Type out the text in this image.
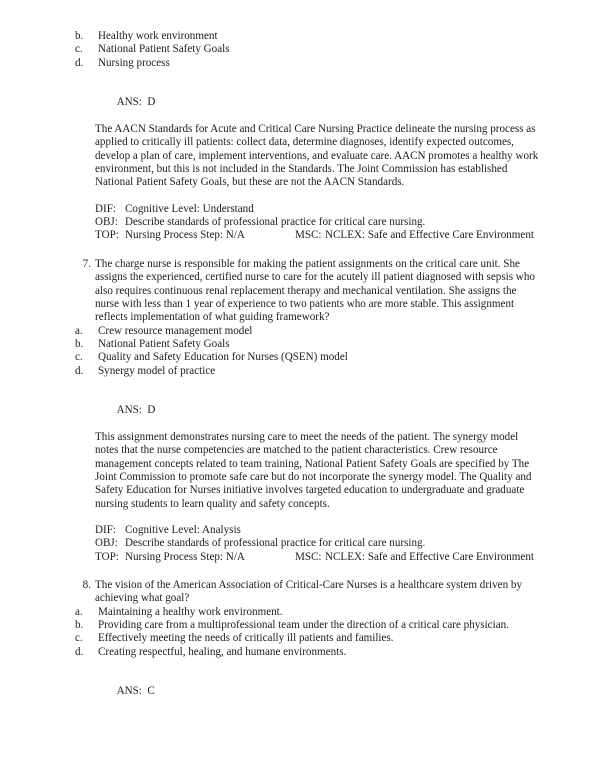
b.	Healthy work environment
c.	National Patient Safety Goals
d.	Nursing process

ANS: D

The AACN Standards for Acute and Critical Care Nursing Practice delineate the nursing process as applied to critically ill patients: collect data, determine diagnoses, identify expected outcomes, develop a plan of care, implement interventions, and evaluate care. AACN promotes a healthy work environment, but this is not included in the Standards. The Joint Commission has established National Patient Safety Goals, but these are not the AACN Standards.
DIF: Cognitive Level: Understand
OBJ: Describe standards of professional practice for critical care nursing.
TOP: Nursing Process Step: N/A	MSC: NCLEX: Safe and Effective Care Environment
7. The charge nurse is responsible for making the patient assignments on the critical care unit. She assigns the experienced, certified nurse to care for the acutely ill patient diagnosed with sepsis who also requires continuous renal replacement therapy and mechanical ventilation. She assigns the nurse with less than 1 year of experience to two patients who are more stable. This assignment reflects implementation of what guiding framework?
a.	Crew resource management model
b.	National Patient Safety Goals
c.	Quality and Safety Education for Nurses (QSEN) model
d.	Synergy model of practice

ANS: D

This assignment demonstrates nursing care to meet the needs of the patient. The synergy model notes that the nurse competencies are matched to the patient characteristics. Crew resource management concepts related to team training, National Patient Safety Goals are specified by The Joint Commission to promote safe care but do not incorporate the synergy model. The Quality and Safety Education for Nurses initiative involves targeted education to undergraduate and graduate nursing students to learn quality and safety concepts.
DIF: Cognitive Level: Analysis
OBJ: Describe standards of professional practice for critical care nursing.
TOP: Nursing Process Step: N/A	MSC: NCLEX: Safe and Effective Care Environment
8. The vision of the American Association of Critical-Care Nurses is a healthcare system driven by achieving what goal?
a.	Maintaining a healthy work environment.
b.	Providing care from a multiprofessional team under the direction of a critical care physician.
c.	Effectively meeting the needs of critically ill patients and families.
d.	Creating respectful, healing, and humane environments.

ANS: C
